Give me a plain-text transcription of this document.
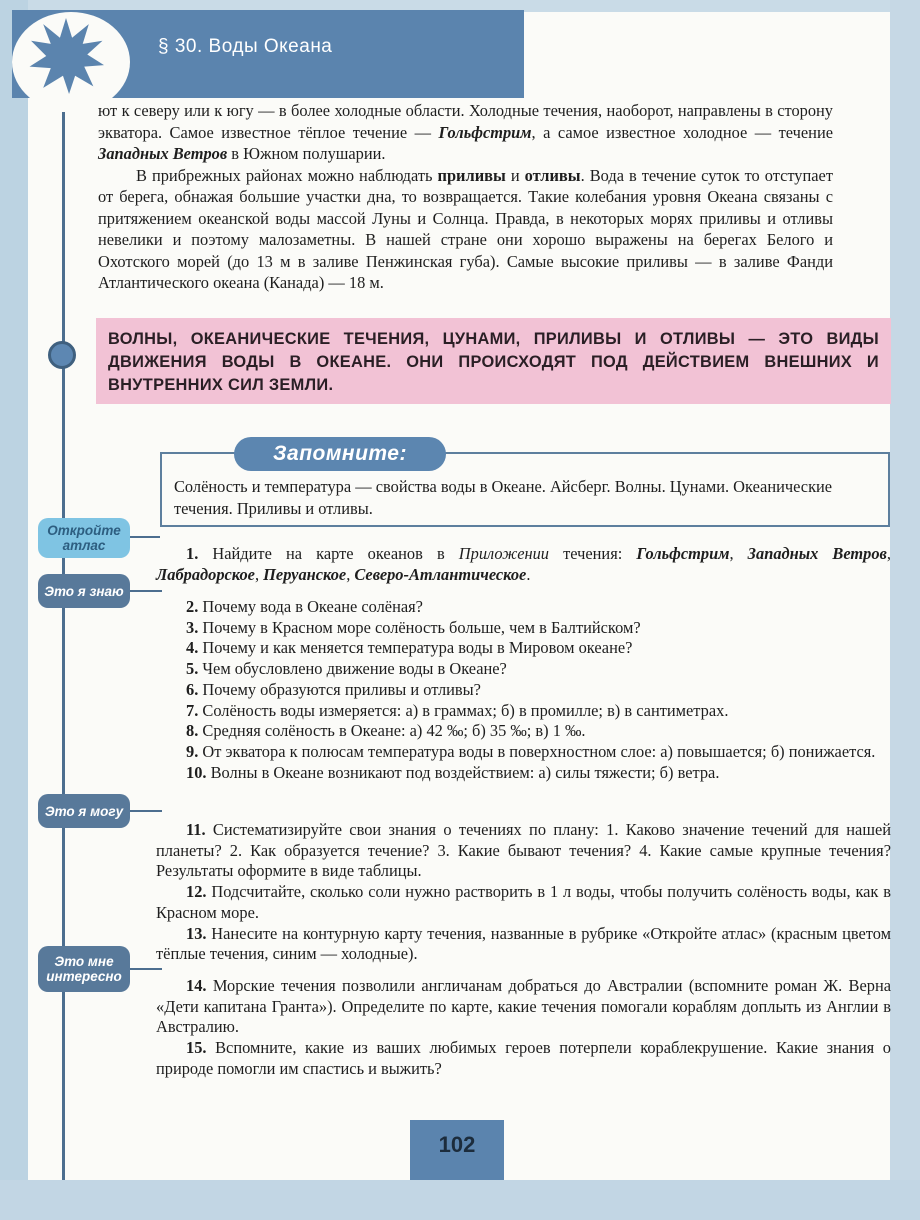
§ 30. Воды Океана

ют к северу или к югу — в более холодные области. Холодные течения, наоборот, направлены в сторону экватора. Самое известное тёплое течение — Гольфстрим, а самое известное холодное — течение Западных Ветров в Южном полушарии.

В прибрежных районах можно наблюдать приливы и отливы. Вода в течение суток то отступает от берега, обнажая большие участки дна, то возвращается. Такие колебания уровня Океана связаны с притяжением океанской воды массой Луны и Солнца. Правда, в некоторых морях приливы и отливы невелики и поэтому малозаметны. В нашей стране они хорошо выражены на берегах Белого и Охотского морей (до 13 м в заливе Пенжинская губа). Самые высокие приливы — в заливе Фанди Атлантического океана (Канада) — 18 м.

ВОЛНЫ, ОКЕАНИЧЕСКИЕ ТЕЧЕНИЯ, ЦУНАМИ, ПРИЛИВЫ И ОТЛИВЫ — ЭТО ВИДЫ ДВИЖЕНИЯ ВОДЫ В ОКЕАНЕ. ОНИ ПРОИСХОДЯТ ПОД ДЕЙСТВИЕМ ВНЕШНИХ И ВНУТРЕННИХ СИЛ ЗЕМЛИ.
Солёность и температура — свойства воды в Океане. Айсберг. Волны. Цунами. Океанические течения. Приливы и отливы.
Запомните:
Откройте атлас
Это я знаю
Это я могу
Это мне интересно

1. Найдите на карте океанов в Приложении течения: Гольфстрим, Западных Ветров, Лабрадорское, Перуанское, Северо-Атлантическое.

2. Почему вода в Океане солёная?

3. Почему в Красном море солёность больше, чем в Балтийском?

4. Почему и как меняется температура воды в Мировом океане?

5. Чем обусловлено движение воды в Океане?

6. Почему образуются приливы и отливы?

7. Солёность воды измеряется: а) в граммах; б) в промилле; в) в сантиметрах.

8. Средняя солёность в Океане: а) 42 ‰; б) 35 ‰; в) 1 ‰.

9. От экватора к полюсам температура воды в поверхностном слое: а) повышается; б) понижается.

10. Волны в Океане возникают под воздействием: а) силы тяжести; б) ветра.

11. Систематизируйте свои знания о течениях по плану: 1. Каково значение течений для нашей планеты? 2. Как образуется течение? 3. Какие бывают течения? 4. Какие самые крупные течения? Результаты оформите в виде таблицы.

12. Подсчитайте, сколько соли нужно растворить в 1 л воды, чтобы получить солёность воды, как в Красном море.

13. Нанесите на контурную карту течения, названные в рубрике «Откройте атлас» (красным цветом тёплые течения, синим — холодные).

14. Морские течения позволили англичанам добраться до Австралии (вспомните роман Ж. Верна «Дети капитана Гранта»). Определите по карте, какие течения помогали кораблям доплыть из Англии в Австралию.

15. Вспомните, какие из ваших любимых героев потерпели кораблекрушение. Какие знания о природе помогли им спастись и выжить?

102
